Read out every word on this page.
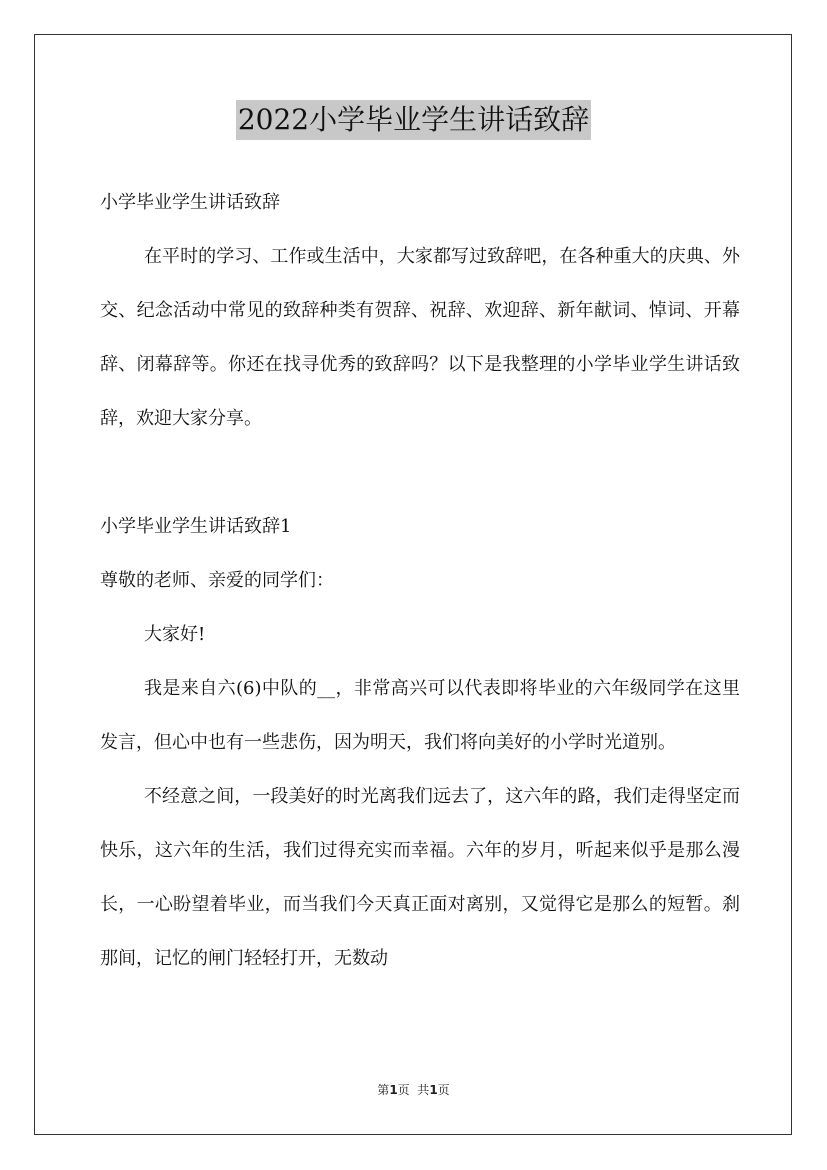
2022小学毕业学生讲话致辞

小学毕业学生讲话致辞

在平时的学习、工作或生活中，大家都写过致辞吧，在各种重大的庆典、外交、纪念活动中常见的致辞种类有贺辞、祝辞、欢迎辞、新年献词、悼词、开幕辞、闭幕辞等。你还在找寻优秀的致辞吗？以下是我整理的小学毕业学生讲话致辞，欢迎大家分享。

小学毕业学生讲话致辞1

尊敬的老师、亲爱的同学们：

大家好!

我是来自六(6)中队的__，非常高兴可以代表即将毕业的六年级同学在这里发言，但心中也有一些悲伤，因为明天，我们将向美好的小学时光道别。

不经意之间，一段美好的时光离我们远去了，这六年的路，我们走得坚定而快乐，这六年的生活，我们过得充实而幸福。六年的岁月，听起来似乎是那么漫长，一心盼望着毕业，而当我们今天真正面对离别，又觉得它是那么的短暂。刹那间，记忆的闸门轻轻打开，无数动

第1页  共1页
